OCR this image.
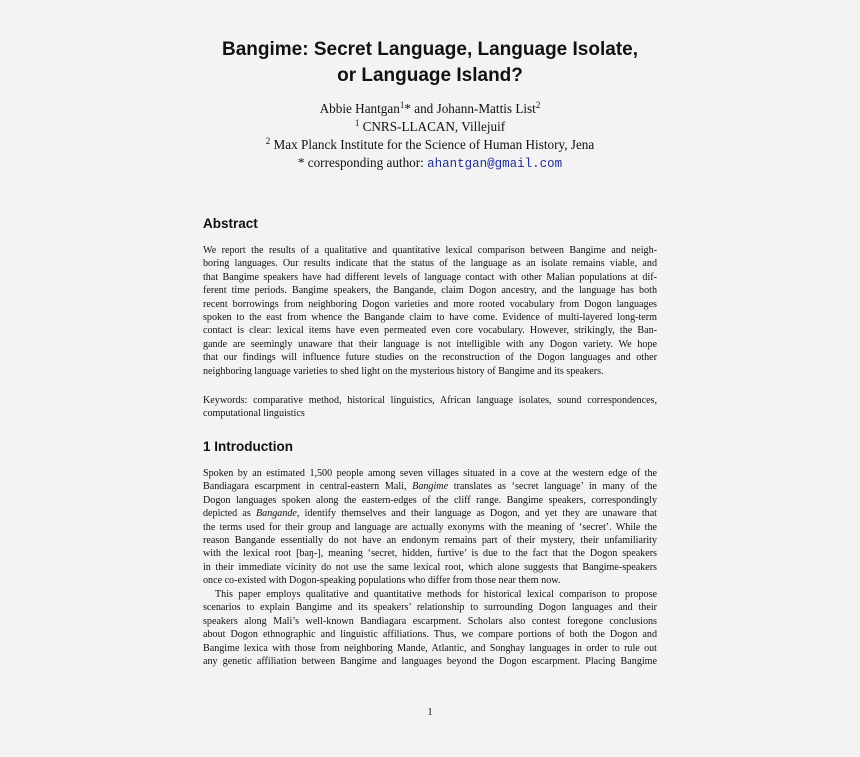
Bangime: Secret Language, Language Isolate,
or Language Island?
Abbie Hantgan$^1$* and Johann-Mattis List$^2$
$^1$ CNRS-LLACAN, Villejuif
$^2$ Max Planck Institute for the Science of Human History, Jena
* corresponding author: ahantgan@gmail.com
Abstract
We report the results of a qualitative and quantitative lexical comparison between Bangime and neigh-
boring languages. Our results indicate that the status of the language as an isolate remains viable, and
that Bangime speakers have had different levels of language contact with other Malian populations at dif-
ferent time periods. Bangime speakers, the Bangande, claim Dogon ancestry, and the language has both
recent borrowings from neighboring Dogon varieties and more rooted vocabulary from Dogon languages
spoken to the east from whence the Bangande claim to have come. Evidence of multi-layered long-term
contact is clear: lexical items have even permeated even core vocabulary. However, strikingly, the Ban-
gande are seemingly unaware that their language is not intelligible with any Dogon variety. We hope
that our findings will influence future studies on the reconstruction of the Dogon languages and other
neighboring language varieties to shed light on the mysterious history of Bangime and its speakers.
Keywords: comparative method, historical linguistics, African language isolates, sound correspondences,
computational linguistics
1 Introduction
Spoken by an estimated 1,500 people among seven villages situated in a cove at the western edge of the
Bandiagara escarpment in central-eastern Mali, Bangime translates as ‘secret language’ in many of the
Dogon languages spoken along the eastern-edges of the cliff range. Bangime speakers, correspondingly
depicted as Bangande, identify themselves and their language as Dogon, and yet they are unaware that
the terms used for their group and language are actually exonyms with the meaning of ‘secret’. While the
reason Bangande essentially do not have an endonym remains part of their mystery, their unfamiliarity
with the lexical root [baŋ-], meaning ‘secret, hidden, furtive’ is due to the fact that the Dogon speakers
in their immediate vicinity do not use the same lexical root, which alone suggests that Bangime-speakers
once co-existed with Dogon-speaking populations who differ from those near them now.
This paper employs qualitative and quantitative methods for historical lexical comparison to propose
scenarios to explain Bangime and its speakers’ relationship to surrounding Dogon languages and their
speakers along Mali’s well-known Bandiagara escarpment. Scholars also contest foregone conclusions
about Dogon ethnographic and linguistic affiliations. Thus, we compare portions of both the Dogon and
Bangime lexica with those from neighboring Mande, Atlantic, and Songhay languages in order to rule out
any genetic affiliation between Bangime and languages beyond the Dogon escarpment. Placing Bangime
1
